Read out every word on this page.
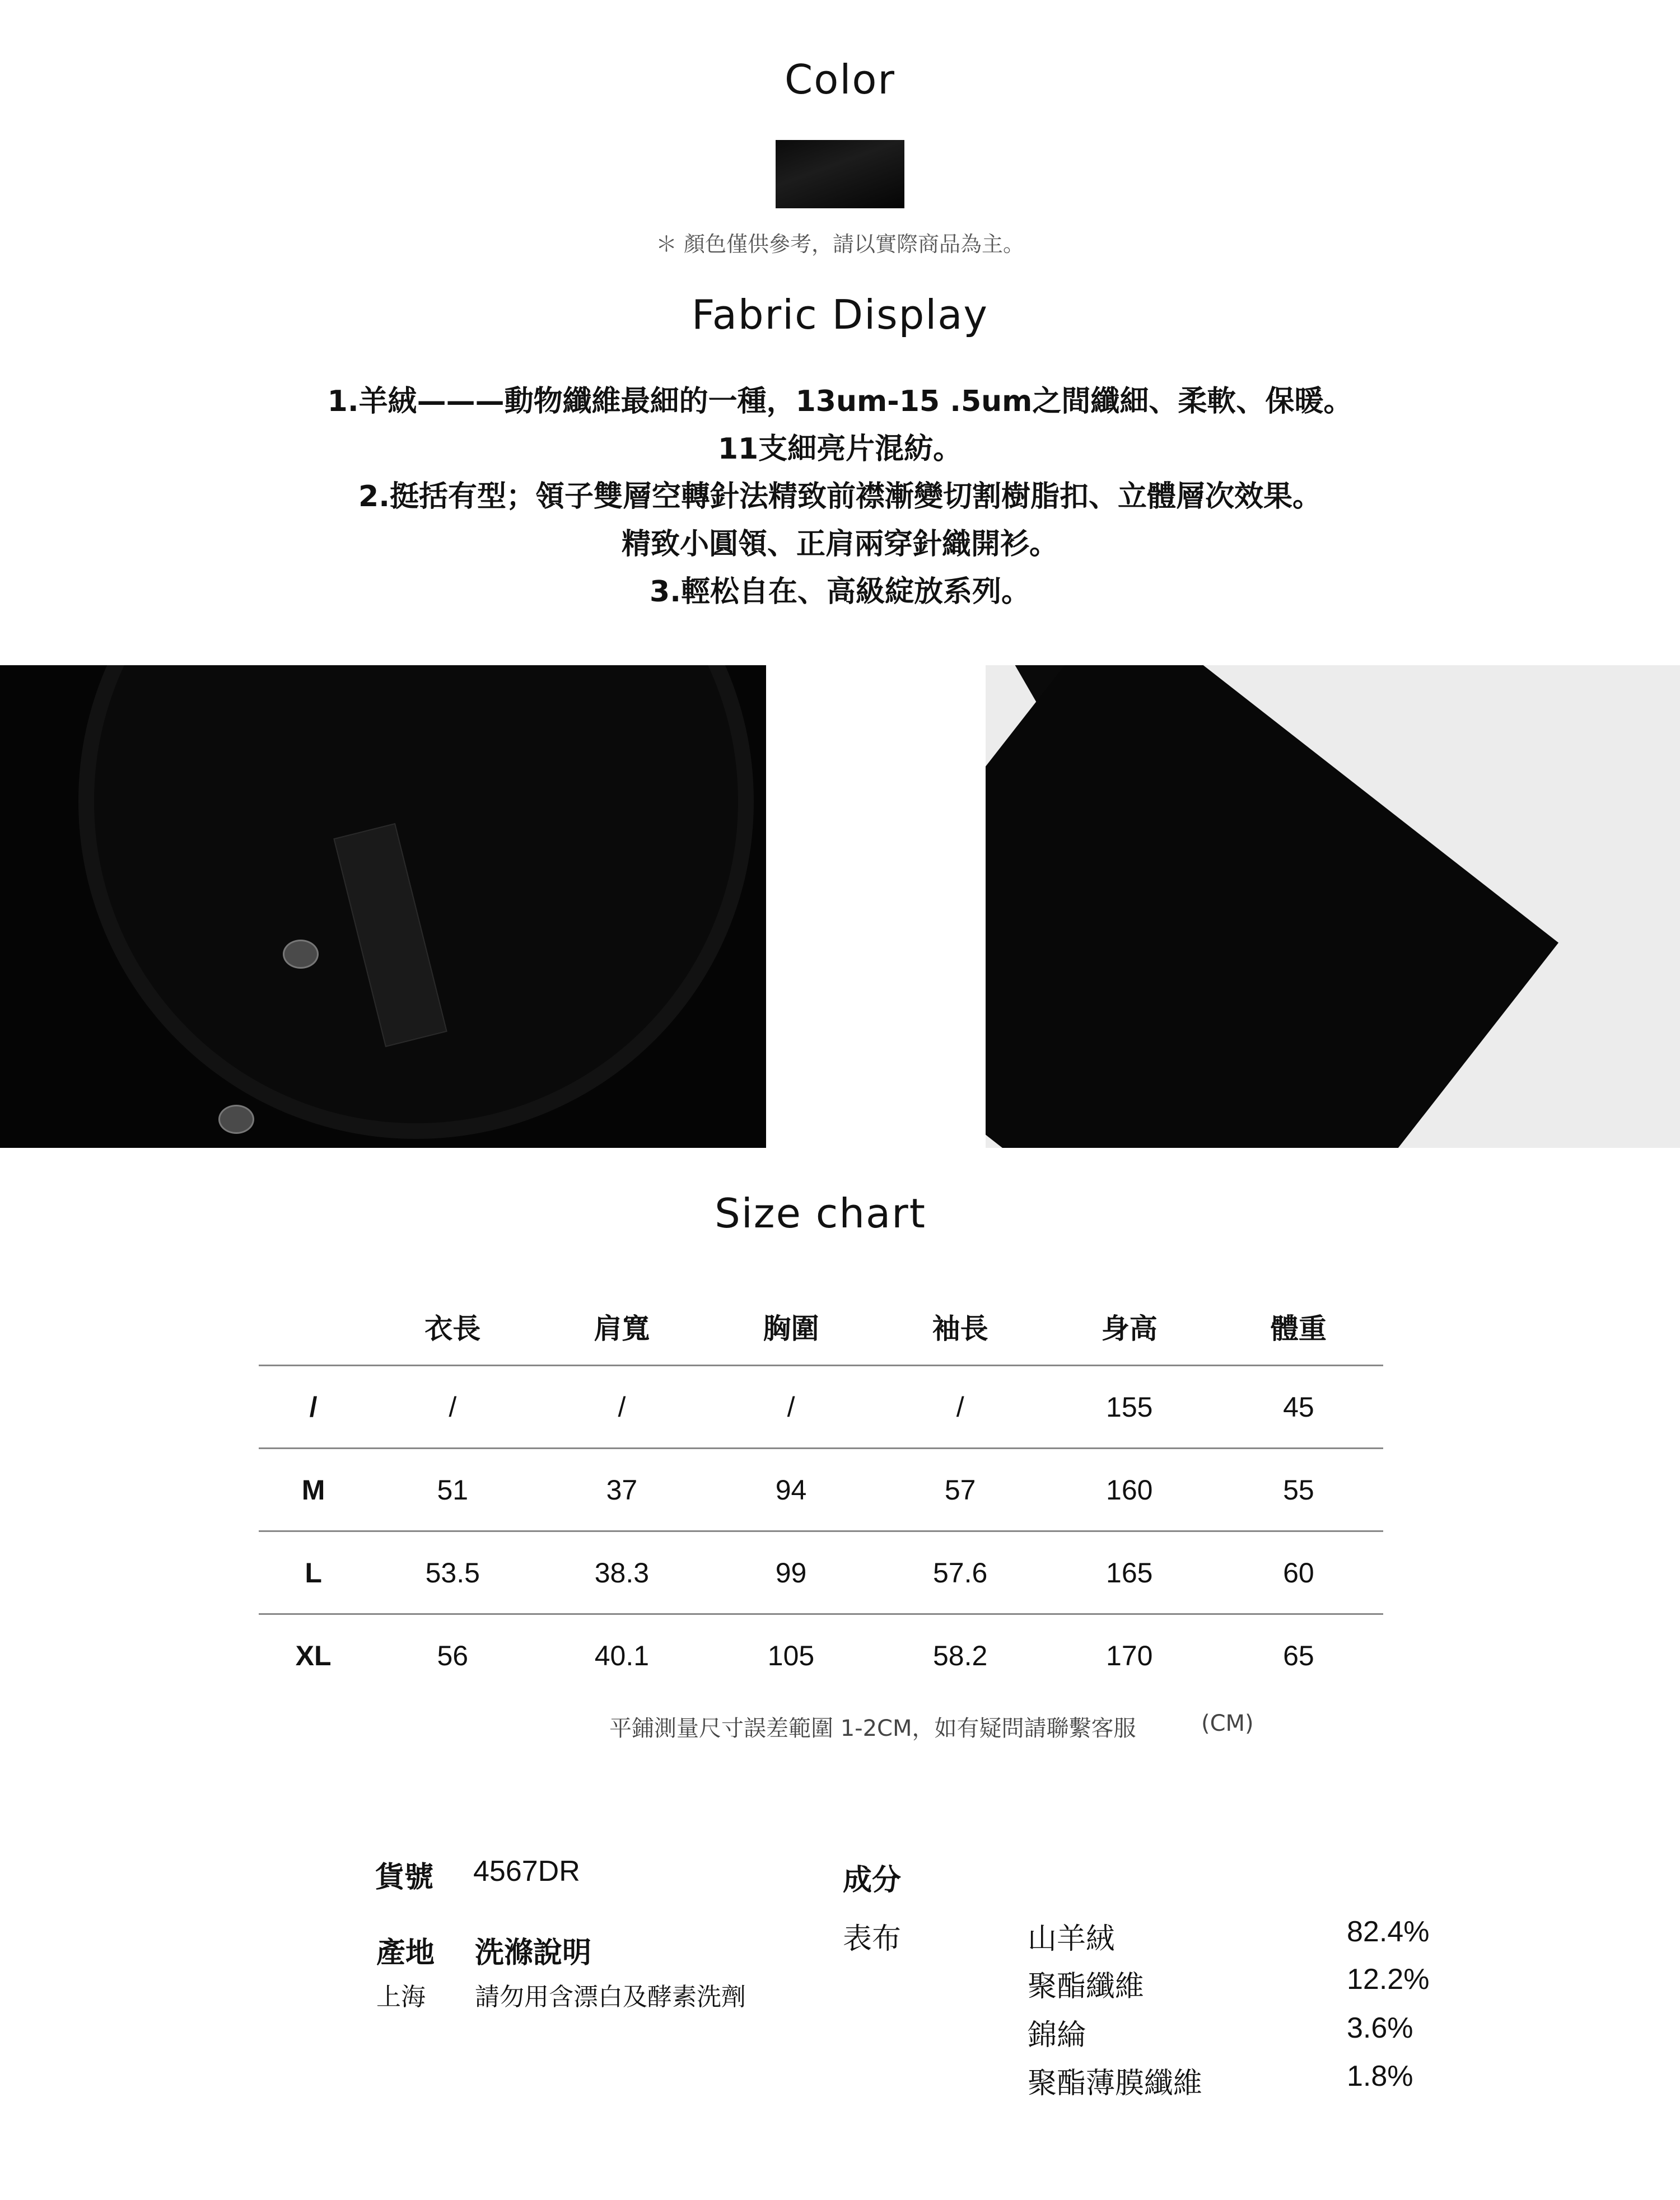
Color
＊ 顏色僅供參考，請以實際商品為主。
Fabric Display
1.羊絨———動物纖維最細的一種，13um-15 .5um之間纖細、柔軟、保暖。
11支細亮片混紡。
2.挺括有型；領子雙層空轉針法精致前襟漸變切割樹脂扣、立體層次效果。
精致小圓領、正肩兩穿針織開衫。
3.輕松自在、高級綻放系列。
Size chart
	衣長	肩寬	胸圍	袖長	身高	體重
/	/	/	/	/	155	45
M	51	37	94	57	160	55
L	53.5	38.3	99	57.6	165	60
XL	56	40.1	105	58.2	170	65
平鋪測量尺寸誤差範圍 1-2CM，如有疑問請聯繫客服	(CM)
貨號 4567DR
產地 洗滌說明
上海 請勿用含漂白及酵素洗劑
成分
表布	山羊絨	82.4%
聚酯纖維	12.2%
錦綸	3.6%
聚酯薄膜纖維	1.8%
